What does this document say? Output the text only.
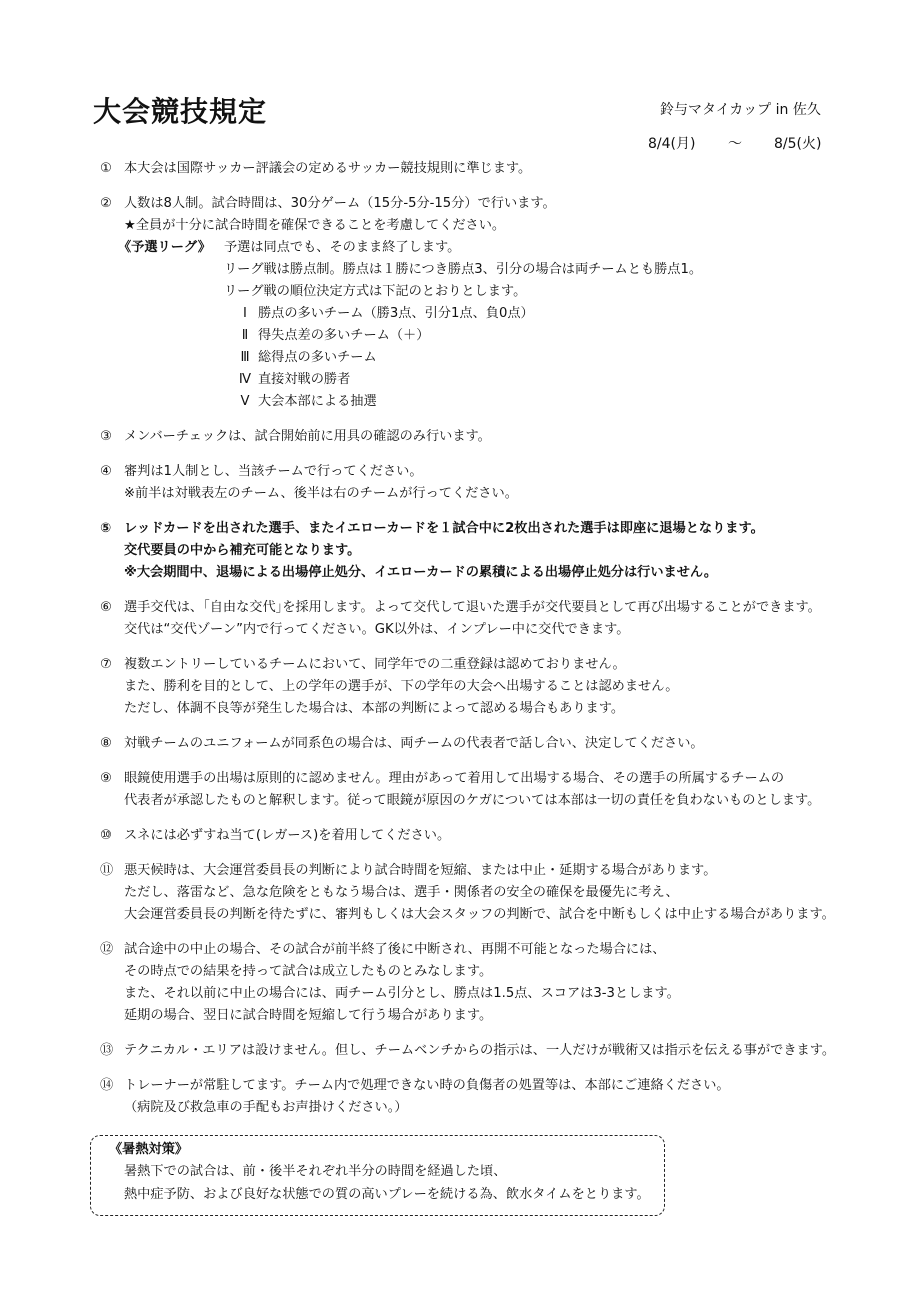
大会競技規定	鈴与マタイカップ in 佐久
8/4(月) ～ 8/5(火)
① 本大会は国際サッカー評議会の定めるサッカー競技規則に準じます。
② 人数は8人制。試合時間は、30分ゲーム（15分-5分-15分）で行います。
★全員が十分に試合時間を確保できることを考慮してください。
《予選リーグ》 予選は同点でも、そのまま終了します。
リーグ戦は勝点制。勝点は１勝につき勝点3、引分の場合は両チームとも勝点1。
リーグ戦の順位決定方式は下記のとおりとします。
Ⅰ 勝点の多いチーム（勝3点、引分1点、負0点）
Ⅱ 得失点差の多いチーム（＋）
Ⅲ 総得点の多いチーム
Ⅳ 直接対戦の勝者
Ⅴ 大会本部による抽選
③ メンバーチェックは、試合開始前に用具の確認のみ行います。
④ 審判は1人制とし、当該チームで行ってください。
※前半は対戦表左のチーム、後半は右のチームが行ってください。
⑤ レッドカードを出された選手、またイエローカードを１試合中に2枚出された選手は即座に退場となります。
交代要員の中から補充可能となります。
※大会期間中、退場による出場停止処分、イエローカードの累積による出場停止処分は行いません。
⑥ 選手交代は、｢自由な交代｣を採用します。よって交代して退いた選手が交代要員として再び出場することができます。
交代は“交代ゾーン”内で行ってください。GK以外は、インプレー中に交代できます。
⑦ 複数エントリーしているチームにおいて、同学年での二重登録は認めておりません。
また、勝利を目的として、上の学年の選手が、下の学年の大会へ出場することは認めません。
ただし、体調不良等が発生した場合は、本部の判断によって認める場合もあります。
⑧ 対戦チームのユニフォームが同系色の場合は、両チームの代表者で話し合い、決定してください。
⑨ 眼鏡使用選手の出場は原則的に認めません。理由があって着用して出場する場合、その選手の所属するチームの
代表者が承認したものと解釈します。従って眼鏡が原因のケガについては本部は一切の責任を負わないものとします。
⑩ スネには必ずすね当て(レガース)を着用してください。
⑪ 悪天候時は、大会運営委員長の判断により試合時間を短縮、または中止・延期する場合があります。
ただし、落雷など、急な危険をともなう場合は、選手・関係者の安全の確保を最優先に考え、
大会運営委員長の判断を待たずに、審判もしくは大会スタッフの判断で、試合を中断もしくは中止する場合があります。
⑫ 試合途中の中止の場合、その試合が前半終了後に中断され、再開不可能となった場合には、
その時点での結果を持って試合は成立したものとみなします。
また、それ以前に中止の場合には、両チーム引分とし、勝点は1.5点、スコアは3-3とします。
延期の場合、翌日に試合時間を短縮して行う場合があります。
⑬ テクニカル・エリアは設けません。但し、チームベンチからの指示は、一人だけが戦術又は指示を伝える事ができます。
⑭ トレーナーが常駐してます。チーム内で処理できない時の負傷者の処置等は、本部にご連絡ください。
（病院及び救急車の手配もお声掛けください。）
《暑熱対策》
暑熱下での試合は、前・後半それぞれ半分の時間を経過した頃、
熱中症予防、および良好な状態での質の高いプレーを続ける為、飲水タイムをとります。
